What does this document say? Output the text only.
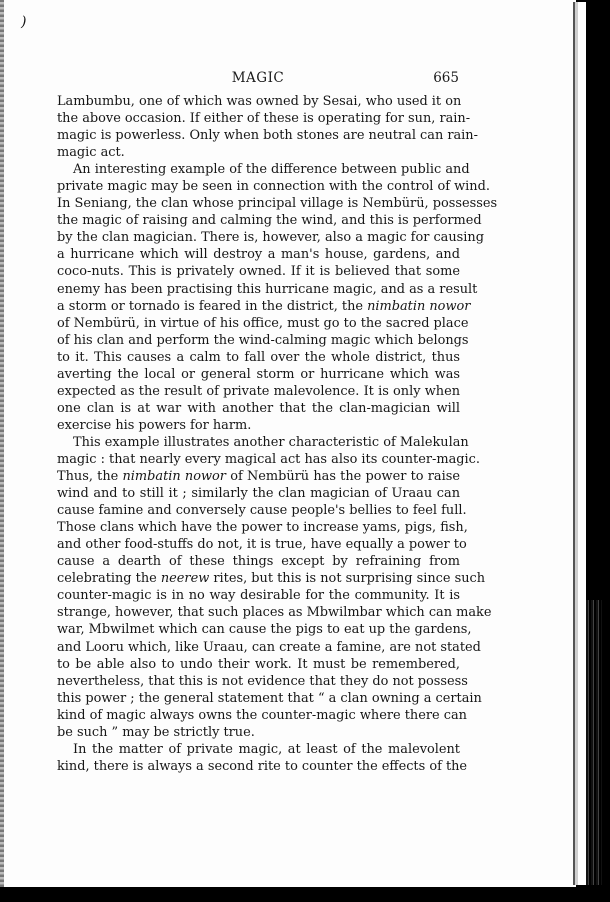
)
MAGIC	665
Lambumbu, one of which was owned by Sesai, who used it on
the above occasion. If either of these is operating for sun, rain-
magic is powerless. Only when both stones are neutral can rain-
magic act.
An interesting example of the difference between public and
private magic may be seen in connection with the control of wind.
In Seniang, the clan whose principal village is Nembürü, possesses
the magic of raising and calming the wind, and this is performed
by the clan magician. There is, however, also a magic for causing
a hurricane which will destroy a man's house, gardens, and
coco-nuts. This is privately owned. If it is believed that some
enemy has been practising this hurricane magic, and as a result
a storm or tornado is feared in the district, the nimbatin nowor
of Nembürü, in virtue of his office, must go to the sacred place
of his clan and perform the wind-calming magic which belongs
to it. This causes a calm to fall over the whole district, thus
averting the local or general storm or hurricane which was
expected as the result of private malevolence. It is only when
one clan is at war with another that the clan-magician will
exercise his powers for harm.
This example illustrates another characteristic of Malekulan
magic : that nearly every magical act has also its counter-magic.
Thus, the nimbatin nowor of Nembürü has the power to raise
wind and to still it ; similarly the clan magician of Uraau can
cause famine and conversely cause people's bellies to feel full.
Those clans which have the power to increase yams, pigs, fish,
and other food-stuffs do not, it is true, have equally a power to
cause a dearth of these things except by refraining from
celebrating the neerew rites, but this is not surprising since such
counter-magic is in no way desirable for the community. It is
strange, however, that such places as Mbwilmbar which can make
war, Mbwilmet which can cause the pigs to eat up the gardens,
and Looru which, like Uraau, can create a famine, are not stated
to be able also to undo their work. It must be remembered,
nevertheless, that this is not evidence that they do not possess
this power ; the general statement that “ a clan owning a certain
kind of magic always owns the counter-magic where there can
be such ” may be strictly true.
In the matter of private magic, at least of the malevolent
kind, there is always a second rite to counter the effects of the
